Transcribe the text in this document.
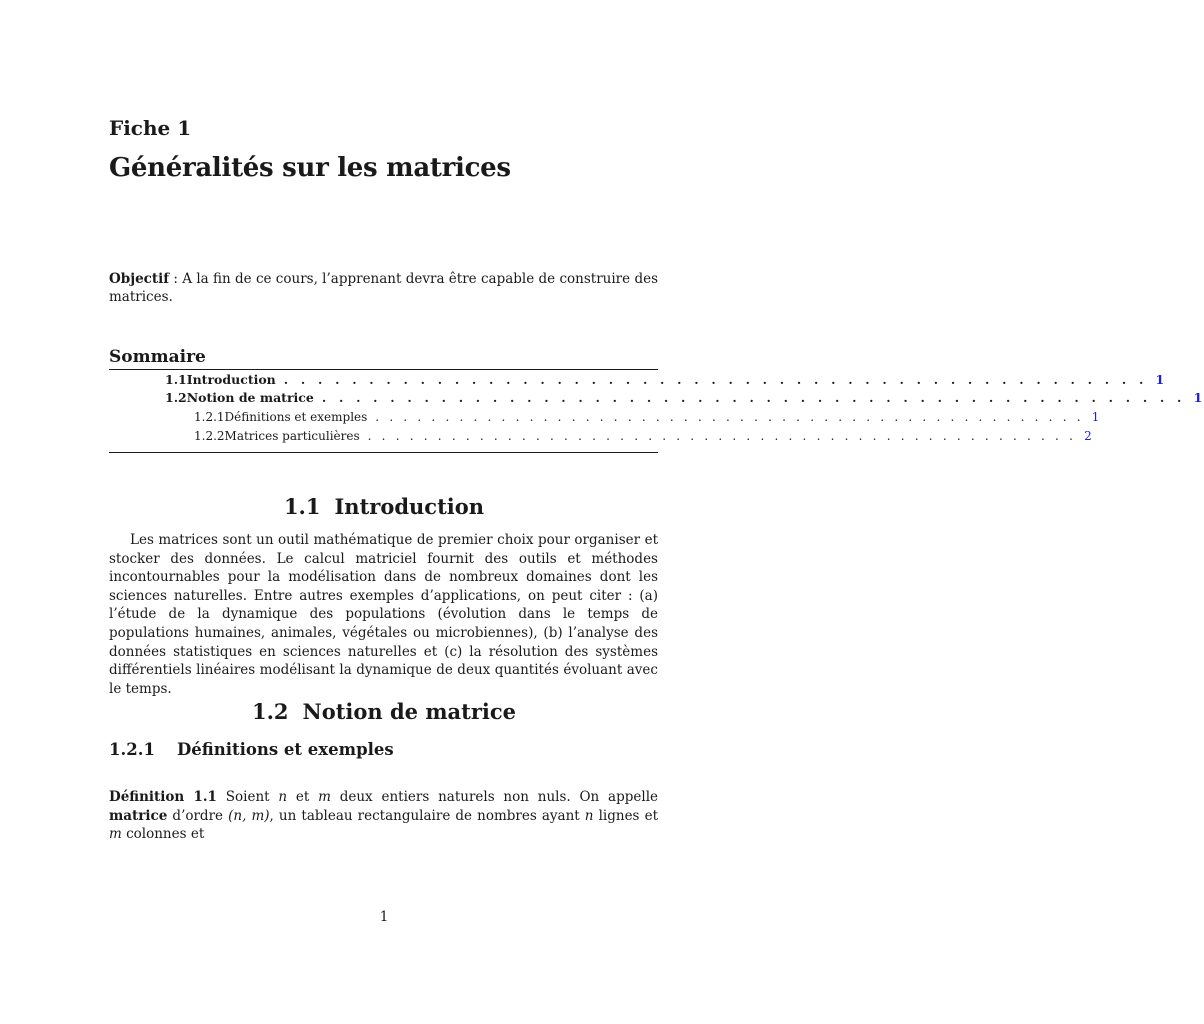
Fiche 1
Généralités sur les matrices
Objectif : A la fin de ce cours, l’apprenant devra être capable de construire des matrices.
Sommaire
1.1 Introduction . . . . . . . . . . . . . . . . . . . . . . . . . . . . . . . . . . . . . . . . . . . . . . . . . . . 1
1.2 Notion de matrice . . . . . . . . . . . . . . . . . . . . . . . . . . . . . . . . . . . . . . . . . . . . . . . . . . . 1
1.2.1 Définitions et exemples . . . . . . . . . . . . . . . . . . . . . . . . . . . . . . . . . . . . . . . . . . . . . . . . . . . 1
1.2.2 Matrices particulières . . . . . . . . . . . . . . . . . . . . . . . . . . . . . . . . . . . . . . . . . . . . . . . . . . . 2
1.1 Introduction
Les matrices sont un outil mathématique de premier choix pour organiser et stocker des données. Le calcul matriciel fournit des outils et méthodes incontournables pour la modélisation dans de nombreux domaines dont les sciences naturelles. Entre autres exemples d’applications, on peut citer : (a) l’étude de la dynamique des populations (évolution dans le temps de populations humaines, animales, végétales ou microbiennes), (b) l’analyse des données statistiques en sciences naturelles et (c) la résolution des systèmes différentiels linéaires modélisant la dynamique de deux quantités évoluant avec le temps.
1.2 Notion de matrice
1.2.1 Définitions et exemples
Définition 1.1 Soient n et m deux entiers naturels non nuls. On appelle matrice d’ordre (n, m), un tableau rectangulaire de nombres ayant n lignes et m colonnes et
1
